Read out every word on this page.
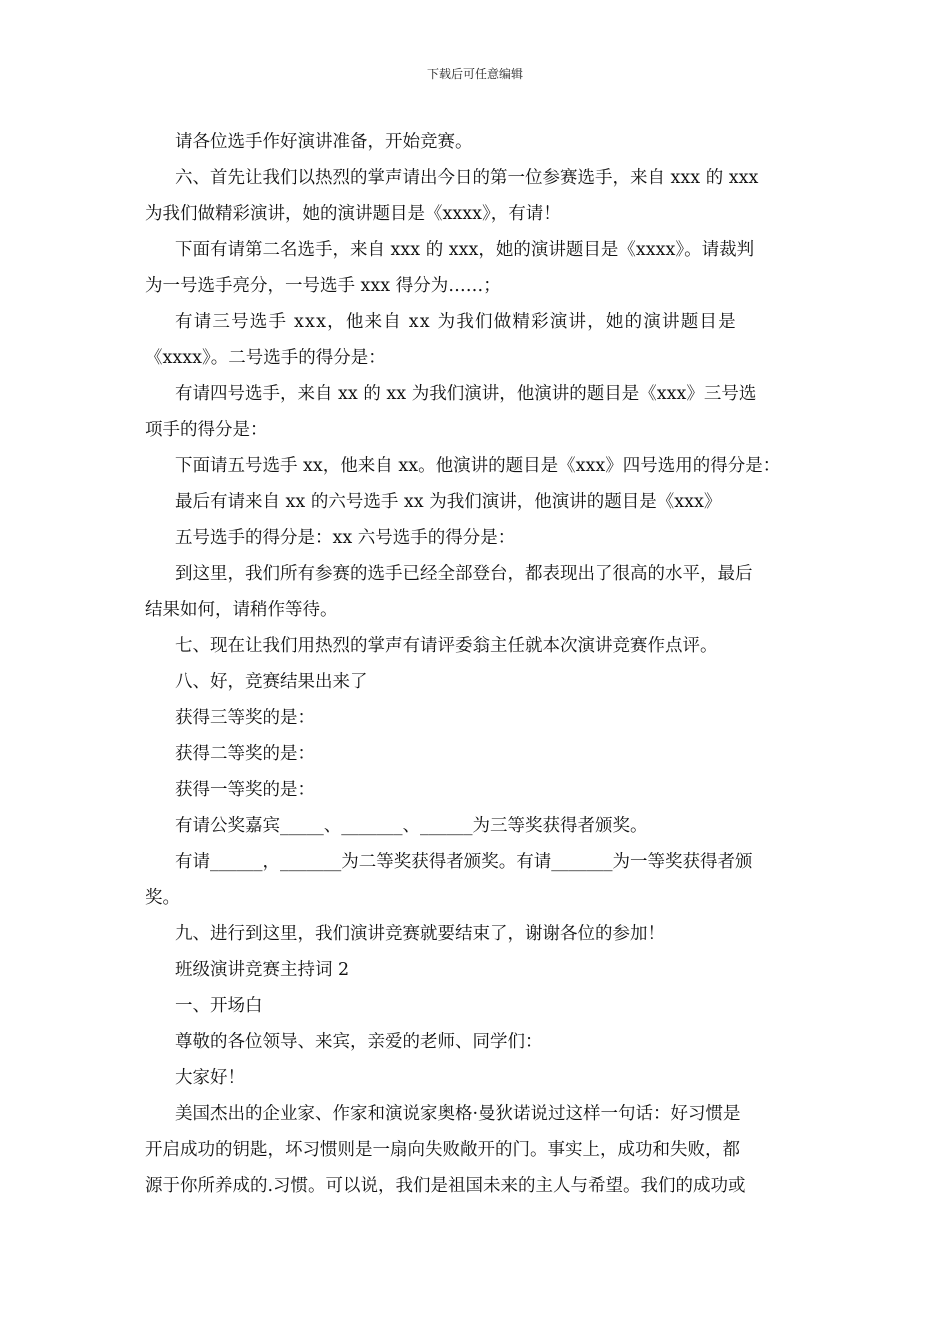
下载后可任意编辑

请各位选手作好演讲准备，开始竞赛。

六、首先让我们以热烈的掌声请出今日的第一位参赛选手，来自 xxx 的 xxx
为我们做精彩演讲，她的演讲题目是《xxxx》，有请！

下面有请第二名选手，来自 xxx 的 xxx，她的演讲题目是《xxxx》。请裁判
为一号选手亮分，一号选手 xxx 得分为……；

有请三号选手 xxx，他来自 xx 为我们做精彩演讲，她的演讲题目是
《xxxx》。二号选手的得分是：

有请四号选手，来自 xx 的 xx 为我们演讲，他演讲的题目是《xxx》三号选
项手的得分是：

下面请五号选手 xx，他来自 xx。他演讲的题目是《xxx》四号选用的得分是：

最后有请来自 xx 的六号选手 xx 为我们演讲，他演讲的题目是《xxx》

五号选手的得分是：xx 六号选手的得分是：

到这里，我们所有参赛的选手已经全部登台，都表现出了很高的水平，最后
结果如何，请稍作等待。

七、现在让我们用热烈的掌声有请评委翁主任就本次演讲竞赛作点评。

八、好，竞赛结果出来了

获得三等奖的是：

获得二等奖的是：

获得一等奖的是：

有请公奖嘉宾_____、_______、______为三等奖获得者颁奖。

有请______，_______为二等奖获得者颁奖。有请_______为一等奖获得者颁
奖。

九、进行到这里，我们演讲竞赛就要结束了，谢谢各位的参加！

班级演讲竞赛主持词 2

一、开场白

尊敬的各位领导、来宾，亲爱的老师、同学们：

大家好！

美国杰出的企业家、作家和演说家奥格·曼狄诺说过这样一句话：好习惯是
开启成功的钥匙，坏习惯则是一扇向失败敞开的门。事实上，成功和失败，都
源于你所养成的.习惯。可以说，我们是祖国未来的主人与希望。我们的成功或
